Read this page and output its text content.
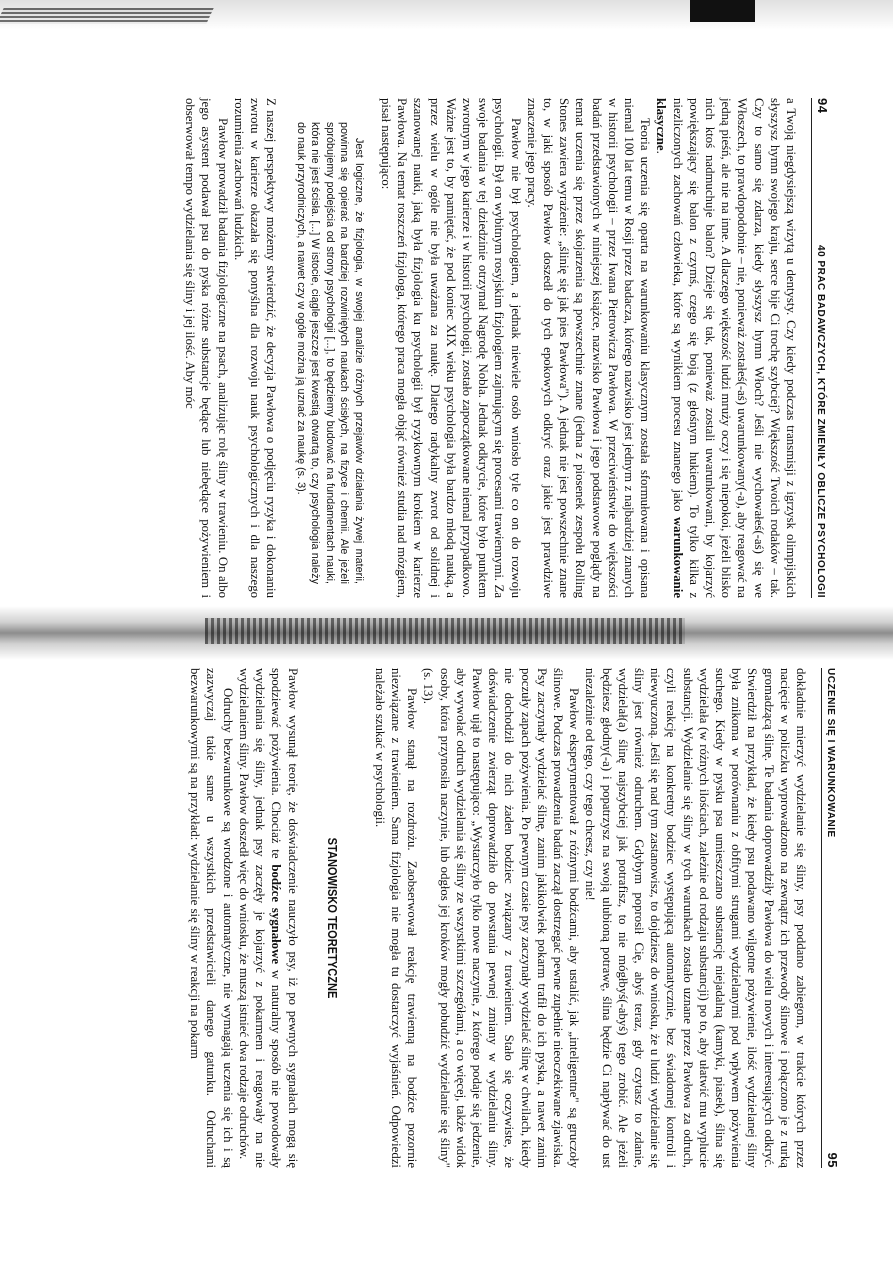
94
40 PRAC BADAWCZYCH, KTÓRE ZMIENIŁY OBLICZE PSYCHOLOGII

a Twoją niegdysiejszą wizytą u dentysty. Czy kiedy podczas transmisji z igrzysk olimpijskich słyszysz hymn swojego kraju, serce bije Ci trochę szybciej? Większość Twoich rodaków – tak. Czy to samo się zdarza, kiedy słyszysz hymn Włoch? Jeśli nie wychowałeś(-aś) się we Włoszech, to prawdopodobnie – nie, ponieważ zostałeś(-aś) uwarunkowany(-a), aby reagować na jedną pieśń, ale nie na inne. A dlaczego większość ludzi mruży oczy i się niepokoi, jeżeli blisko nich ktoś nadmuchuje balon? Dzieje się tak, ponieważ zostali uwarunkowani, by kojarzyć powiększający się balon z czymś, czego się boją (z głośnym hukiem). To tylko kilka z niezliczonych zachowań człowieka, które są wynikiem procesu znanego jako warunkowanie klasyczne.

Teoria uczenia się oparta na warunkowaniu klasycznym została sformułowana i opisana niemal 100 lat temu w Rosji przez badacza, którego nazwisko jest jednym z najbardziej znanych w historii psychologii – przez Iwana Pietrowicza Pawłowa. W przeciwieństwie do większości badań przedstawionych w niniejszej książce, nazwisko Pawłowa i jego podstawowe poglądy na temat uczenia się przez skojarzenia są powszechnie znane (jedna z piosenek zespołu Rolling Stones zawiera wyrażenie: „ślinię się jak pies Pawłowa"). A jednak nie jest powszechnie znane to, w jaki sposób Pawłow doszedł do tych epokowych odkryć oraz jakie jest prawdziwe znaczenie jego pracy.

Pawłow nie był psychologiem, a jednak niewiele osób wniosło tyle co on do rozwoju psychologii. Był on wybitnym rosyjskim fizjologiem zajmującym się procesami trawiennymi. Za swoje badania w tej dziedzinie otrzymał Nagrodę Nobla. Jednak odkrycie, które było punktem zwrotnym w jego karierze i w historii psychologii, zostało zapoczątkowane niemal przypadkowo. Ważne jest to, by pamiętać, że pod koniec XIX wieku psychologia była bardzo młodą nauką, a przez wielu w ogóle nie była uważana za naukę. Dlatego radykalny zwrot od solidnej i szanowanej nauki, jaką była fizjologia ku psychologii był ryzykownym krokiem w karierze Pawłowa. Na temat roszczeń fizjologa, którego praca mogła objąć również studia nad mózgiem, pisał następująco:

Jest logiczne, że fizjologia, w swojej analizie różnych przejawów działania żywej materii, powinna się opierać na bardziej rozwiniętych naukach ścisłych, na fizyce i chemii. Ale jeżeli spróbujemy podejścia od strony psychologii [...], to będziemy budować na fundamentach nauki, która nie jest ścisła. [...] W istocie, ciągle jeszcze jest kwestią otwartą to, czy psychologia należy do nauk przyrodniczych, a nawet czy w ogóle można ją uznać za naukę (s. 3).

Z naszej perspektywy możemy stwierdzić, że decyzja Pawłowa o podjęciu ryzyka i dokonaniu zwrotu w karierze okazała się ponyślna dla rozwoju nauk psychologicznych i dla naszego rozumienia zachowań ludzkich.

Pawłow prowadził badania fizjologiczne na psach, analizując rolę śliny w trawieniu. On albo jego asystent podawał psu do pyska różne substancje będące lub niebędące pożywieniem i obserwował tempo wydzielania się śliny i jej ilość. Aby móc

UCZENIE SIĘ I WARUNKOWANIE
95

dokładnie mierzyć wydzielanie się śliny, psy poddano zabiegom, w trakcie których przez nacięcie w policzku wyprowadzono na zewnątrz ich przewody ślinowe i połączono je z rurką gromadzącą ślinę. Te badania doprowadziły Pawłowa do wielu nowych i interesujących odkryć. Stwierdził na przykład, że kiedy psu podawano wilgotne pożywienie, ilość wydzielanej śliny była znikoma w porównaniu z obfitymi strugami wydzielanymi pod wpływem pożywienia suchego. Kiedy w pysku psa umieszczano substancję niejadalną (kamyki, piasek), ślina się wydzielała (w różnych ilościach, zależnie od rodzaju substancji) po to, aby ułatwić mu wyplucie substancji. Wydzielanie się śliny w tych warunkach zostało uznane przez Pawłowa za odruch, czyli reakcję na konkretny bodziec występującą automatycznie, bez świadomej kontroli i niewyuczoną. Jeśli się nad tym zastanowisz, to dojdziesz do wniosku, że u ludzi wydzielanie się śliny jest również odruchem. Gdybym poprosił Cię, abyś teraz, gdy czytasz to zdanie, wydzielał(a) ślinę najszybciej jak potrafisz, to nie mógłbyś(-abyś) tego zrobić. Ale jeżeli będziesz głodny(-a) i popatrzysz na swoją ulubioną potrawę, ślina będzie Ci napływać do ust niezależnie od tego, czy tego chcesz, czy nie!

Pawłow eksperymentował z różnymi bodźcami, aby ustalić, jak „inteligentne" są gruczoły ślinowe. Podczas prowadzenia badań zaczął dostrzegać pewne zupełnie nieoczekiwane zjawiska. Psy zaczynały wydzielać ślinę, zanim jakikolwiek pokarm trafił do ich pyska, a nawet zanim poczuły zapach pożywienia. Po pewnym czasie psy zaczynały wydzielać ślinę w chwilach, kiedy nie dochodził do nich żaden bodziec związany z trawieniem. Stało się oczywiste, że doświadczenie zwierząt doprowadziło do powstania pewnej zmiany w wydzielaniu śliny. Pawłow ujął to następująco: „Wystarczyło tylko nowe naczynie, z którego podaje się jedzenie, aby wywołać odruch wydzielania się śliny ze wszystkimi szczegółami, a co więcej, także widok osoby, która przynosiła naczynie, lub odgłos jej kroków mogły pobudzić wydzielanie się śliny" (s. 13).

Pawłow stanął na rozdrożu. Zaobserwował reakcję trawienną na bodźce pozornie niezwiązane z trawieniem. Sama fizjologia nie mogła tu dostarczyć wyjaśnień. Odpowiedzi należało szukać w psychologii.

STANOWISKO TEORETYCZNE

Pawłow wysunął teorię, że doświadczenie nauczyło psy, iż po pewnych sygnałach mogą się spodziewać pożywienia. Chociaż te bodźce sygnałowe w naturalny sposób nie powodowały wydzielania się śliny, jednak psy zaczęły je kojarzyć z pokarmem i reagowały na nie wydzielaniem śliny. Pawłow doszedł więc do wniosku, że muszą istnieć dwa rodzaje odruchów.

Odruchy bezwarunkowe są wrodzone i automatyczne, nie wymagają uczenia się ich i są zazwyczaj takie same u wszystkich przedstawicieli danego gatunku. Odruchami bezwarunkowymi są na przykład: wydzielanie się śliny w reakcji na pokarm
